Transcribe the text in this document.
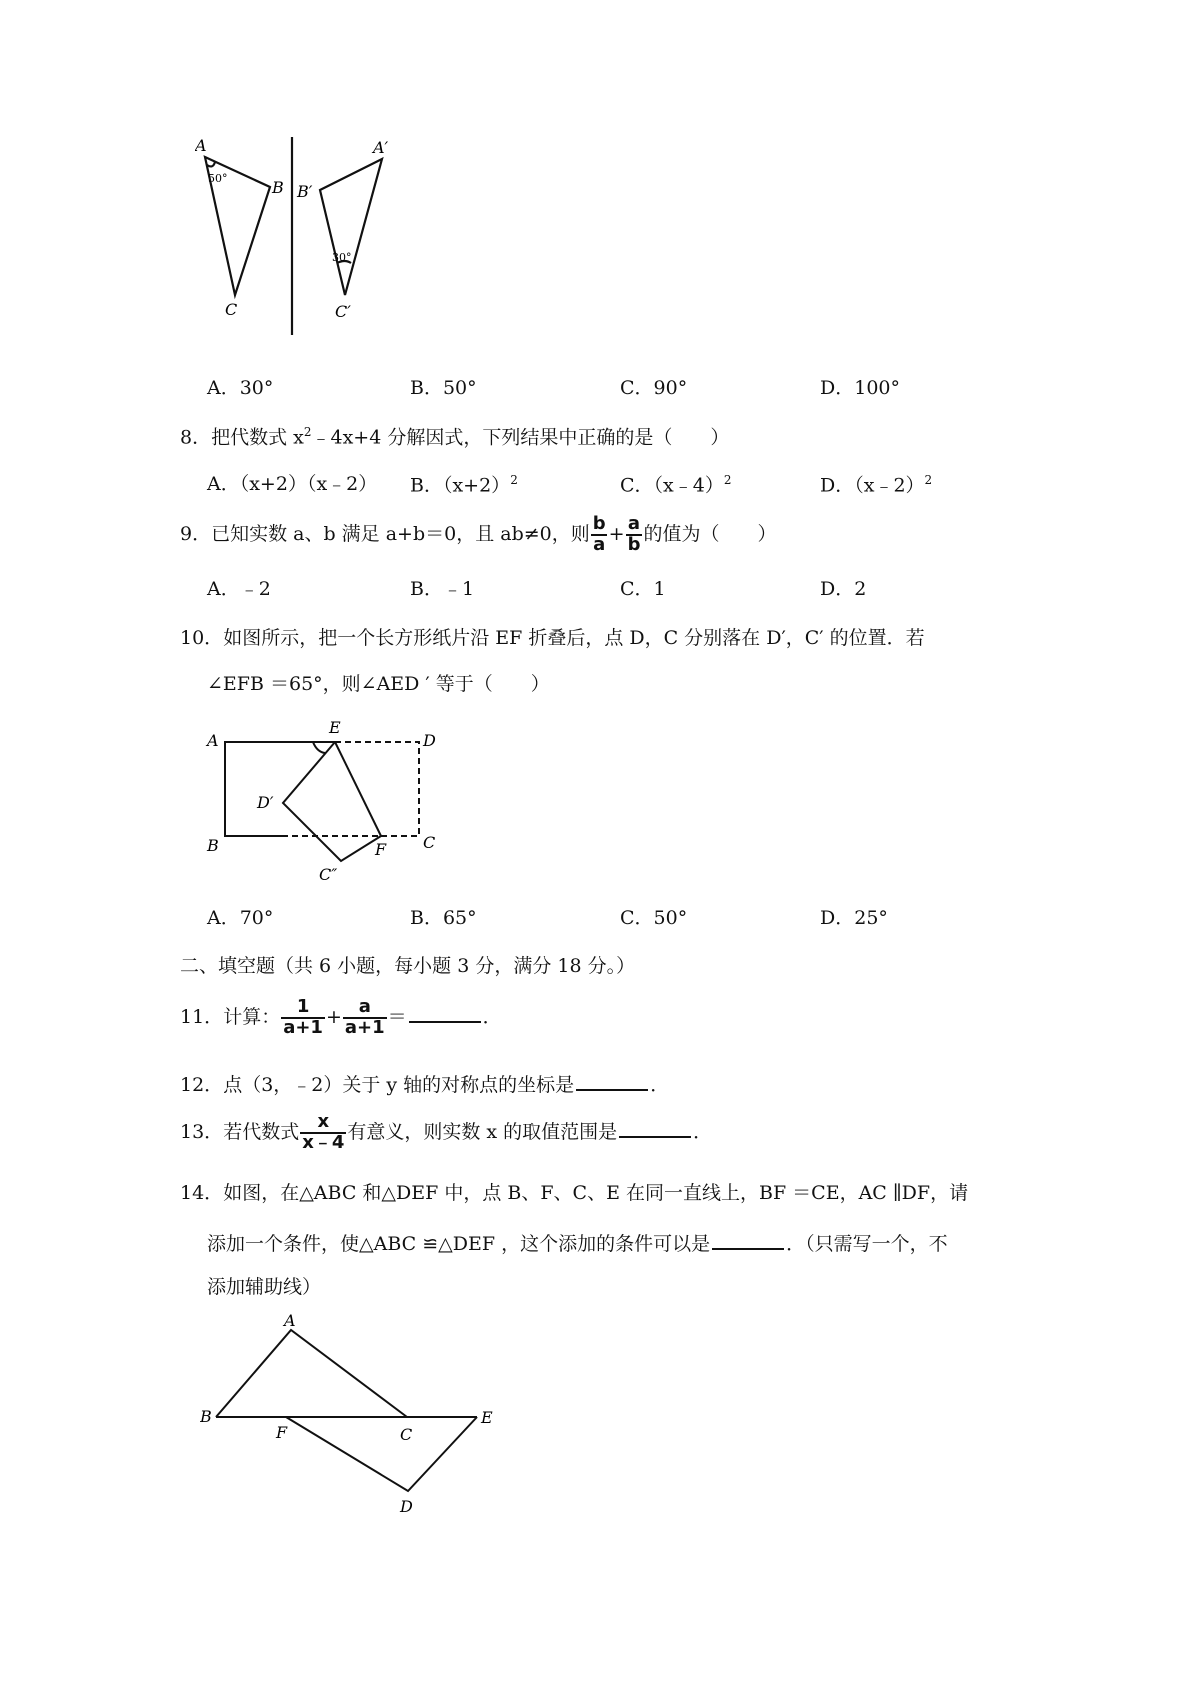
A
B
C
A′
B′
C′
50°
30°
A．30°	B．50°	C．90°	D．100°
8．把代数式 $x^2﹣4x+4$ 分解因式，下列结果中正确的是（　　）
A．（x+2）（x﹣2） B．$(x+2)^2$	C．（x﹣4）$^2$	D．（x﹣2）$^2$
9．已知实数 a、b 满足 a+b＝0，且 ab≠0，则 $\frac{b}{a} + \frac{a}{b}$ 的值为（　　）
A．﹣2	B．﹣1	C．1	D．2
10．如图所示，把一个长方形纸片沿 EF 折叠后，点 D，C 分别落在 D′，C′ 的位置．若
∠EFB ＝65°，则∠AED ′ 等于（　　）
A
E
D
D′
B	C
C″
F
A．70°	B．65°	C．50°	D．25°
二、填空题（共 6 小题，每小题 3 分，满分 18 分。）
11．计算： $\frac{1}{a+1} + \frac{a}{a+1}$ ＝	．
12．点（3，﹣2）关于 y 轴的对称点的坐标是	．
13．若代数式 $\frac{x}{x﹣4}$ 有意义，则实数 x 的取值范围是	．
14．如图，在△ABC 和△DEF 中，点 B、F、C、E 在同一直线上，BF ＝CE，AC ∥DF，请
添加一个条件，使△ABC ≌△DEF ，这个添加的条件可以是	．（只需写一个，不
添加辅助线）
A
B
F	C
E
D
